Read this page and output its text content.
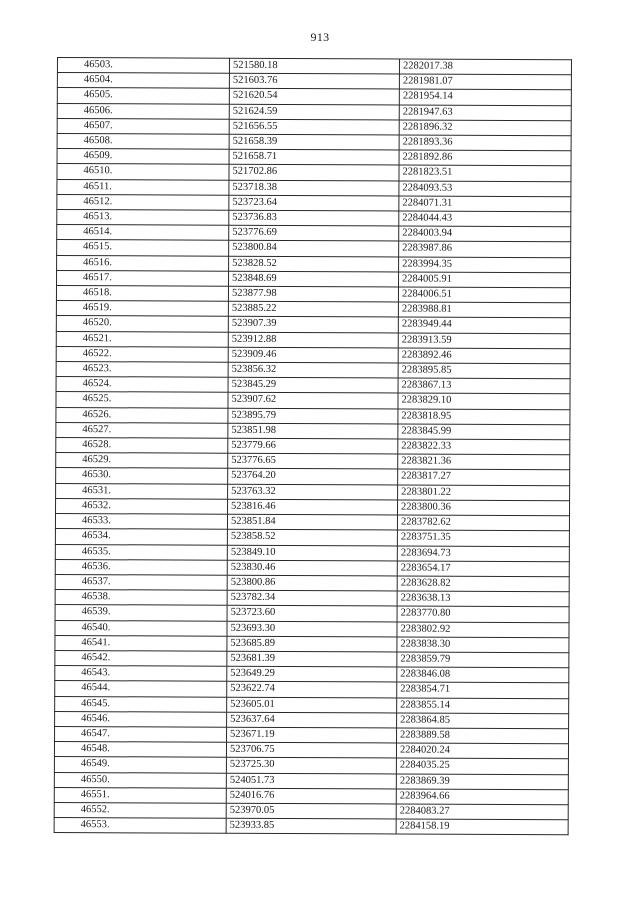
913
46503.	521580.18	2282017.38
46504.	521603.76	2281981.07
46505.	521620.54	2281954.14
46506.	521624.59	2281947.63
46507.	521656.55	2281896.32
46508.	521658.39	2281893.36
46509.	521658.71	2281892.86
46510.	521702.86	2281823.51
46511.	523718.38	2284093.53
46512.	523723.64	2284071.31
46513.	523736.83	2284044.43
46514.	523776.69	2284003.94
46515.	523800.84	2283987.86
46516.	523828.52	2283994.35
46517.	523848.69	2284005.91
46518.	523877.98	2284006.51
46519.	523885.22	2283988.81
46520.	523907.39	2283949.44
46521.	523912.88	2283913.59
46522.	523909.46	2283892.46
46523.	523856.32	2283895.85
46524.	523845.29	2283867.13
46525.	523907.62	2283829.10
46526.	523895.79	2283818.95
46527.	523851.98	2283845.99
46528.	523779.66	2283822.33
46529.	523776.65	2283821.36
46530.	523764.20	2283817.27
46531.	523763.32	2283801.22
46532.	523816.46	2283800.36
46533.	523851.84	2283782.62
46534.	523858.52	2283751.35
46535.	523849.10	2283694.73
46536.	523830.46	2283654.17
46537.	523800.86	2283628.82
46538.	523782.34	2283638.13
46539.	523723.60	2283770.80
46540.	523693.30	2283802.92
46541.	523685.89	2283838.30
46542.	523681.39	2283859.79
46543.	523649.29	2283846.08
46544.	523622.74	2283854.71
46545.	523605.01	2283855.14
46546.	523637.64	2283864.85
46547.	523671.19	2283889.58
46548.	523706.75	2284020.24
46549.	523725.30	2284035.25
46550.	524051.73	2283869.39
46551.	524016.76	2283964.66
46552.	523970.05	2284083.27
46553.	523933.85	2284158.19
